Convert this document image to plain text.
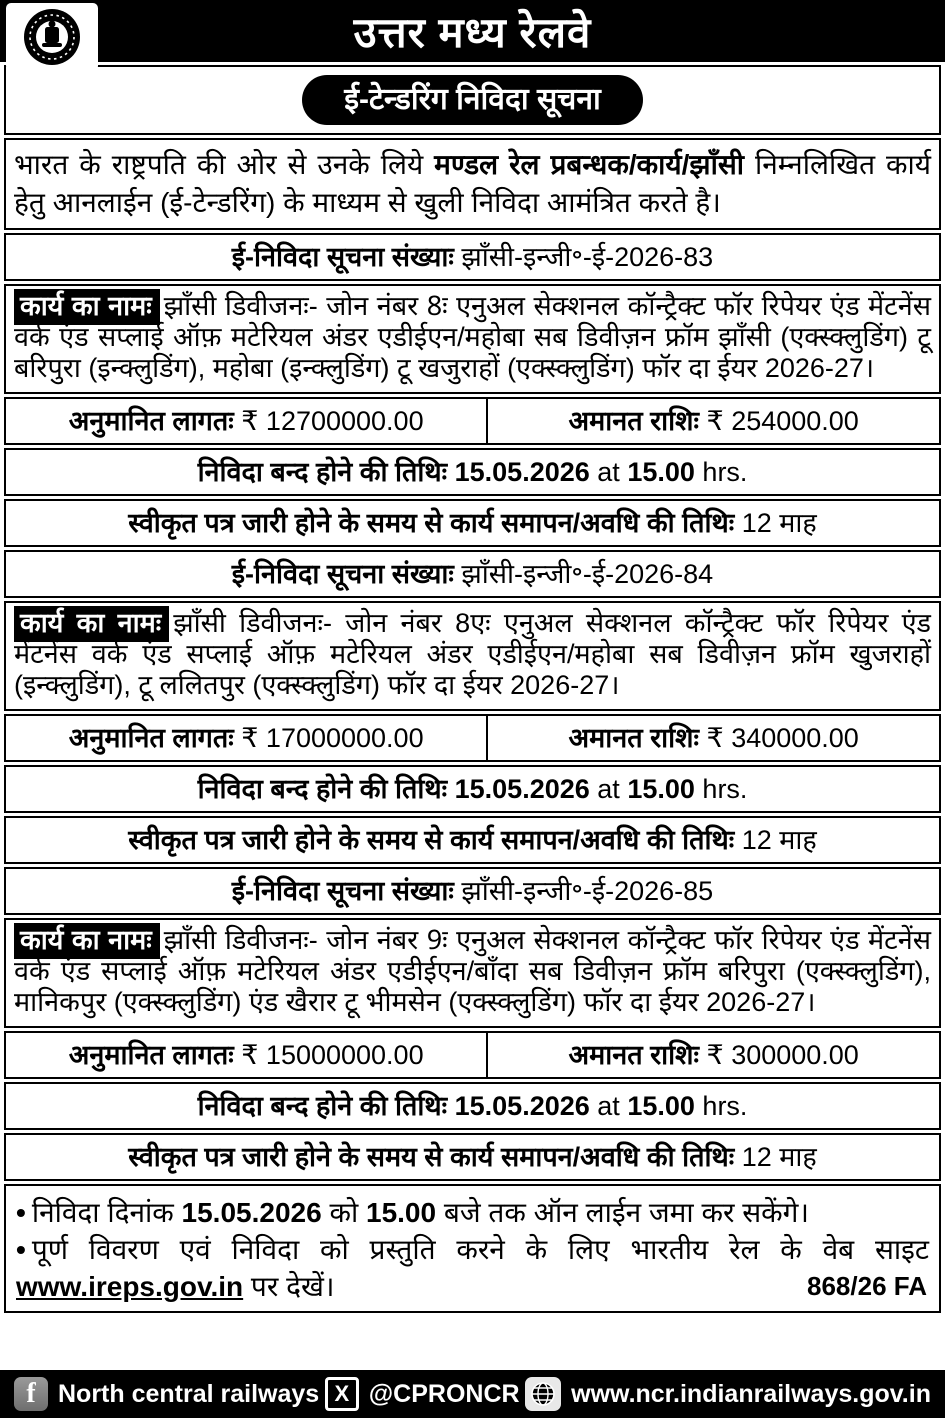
उत्तर मध्य रेलवे
ई-टेन्डरिंग निविदा सूचना
भारत के राष्ट्रपति की ओर से उनके लिये मण्डल रेल प्रबन्धक/कार्य/झाँसी निम्नलिखित कार्य हेतु आनलाईन (ई-टेन्डरिंग) के माध्यम से खुली निविदा आमंत्रित करते है।
ई-निविदा सूचना संख्याः झाँसी-इन्जी॰-ई-2026-83
कार्य का नामः झाँसी डिवीजनः- जोन नंबर 8ः एनुअल सेक्शनल कॉन्ट्रैक्ट फॉर रिपेयर एंड मेंटनेंस वर्क एंड सप्लाई ऑफ़ मटेरियल अंडर एडीईएन/महोबा सब डिवीज़न फ्रॉम झाँसी (एक्स्क्लुडिंग) टू बरिपुरा (इन्क्लुडिंग), महोबा (इन्क्लुडिंग) टू खजुराहों (एक्स्क्लुडिंग) फॉर दा ईयर 2026-27।
अनुमानित लागतः ₹ 12700000.00	अमानत राशिः ₹ 254000.00
निविदा बन्द होने की तिथिः 15.05.2026 at 15.00 hrs.
स्वीकृत पत्र जारी होने के समय से कार्य समापन/अवधि की तिथिः 12 माह
ई-निविदा सूचना संख्याः झाँसी-इन्जी॰-ई-2026-84
कार्य का नामः झाँसी डिवीजनः- जोन नंबर 8एः एनुअल सेक्शनल कॉन्ट्रैक्ट फॉर रिपेयर एंड मेंटनेंस वर्क एंड सप्लाई ऑफ़ मटेरियल अंडर एडीईएन/महोबा सब डिवीज़न फ्रॉम खुजराहों (इन्क्लुडिंग), टू ललितपुर (एक्स्क्लुडिंग) फॉर दा ईयर 2026-27।
अनुमानित लागतः ₹ 17000000.00	अमानत राशिः ₹ 340000.00
निविदा बन्द होने की तिथिः 15.05.2026 at 15.00 hrs.
स्वीकृत पत्र जारी होने के समय से कार्य समापन/अवधि की तिथिः 12 माह
ई-निविदा सूचना संख्याः झाँसी-इन्जी॰-ई-2026-85
कार्य का नामः झाँसी डिवीजनः- जोन नंबर 9ः एनुअल सेक्शनल कॉन्ट्रैक्ट फॉर रिपेयर एंड मेंटनेंस वर्क एंड सप्लाई ऑफ़ मटेरियल अंडर एडीईएन/बाँदा सब डिवीज़न फ्रॉम बरिपुरा (एक्स्क्लुडिंग), मानिकपुर (एक्स्क्लुडिंग) एंड खैरार टू भीमसेन (एक्स्क्लुडिंग) फॉर दा ईयर 2026-27।
अनुमानित लागतः ₹ 15000000.00	अमानत राशिः ₹ 300000.00
निविदा बन्द होने की तिथिः 15.05.2026 at 15.00 hrs.
स्वीकृत पत्र जारी होने के समय से कार्य समापन/अवधि की तिथिः 12 माह

• निविदा दिनांक 15.05.2026 को 15.00 बजे तक ऑन लाईन जमा कर सकेंगे।

• पूर्ण विवरण एवं निविदा को प्रस्तुति करने के लिए भारतीय रेल के वेब साइट www.ireps.gov.in पर देखें।	868/26 FA
f North central railways X @CPRONCR www.ncr.indianrailways.gov.in
